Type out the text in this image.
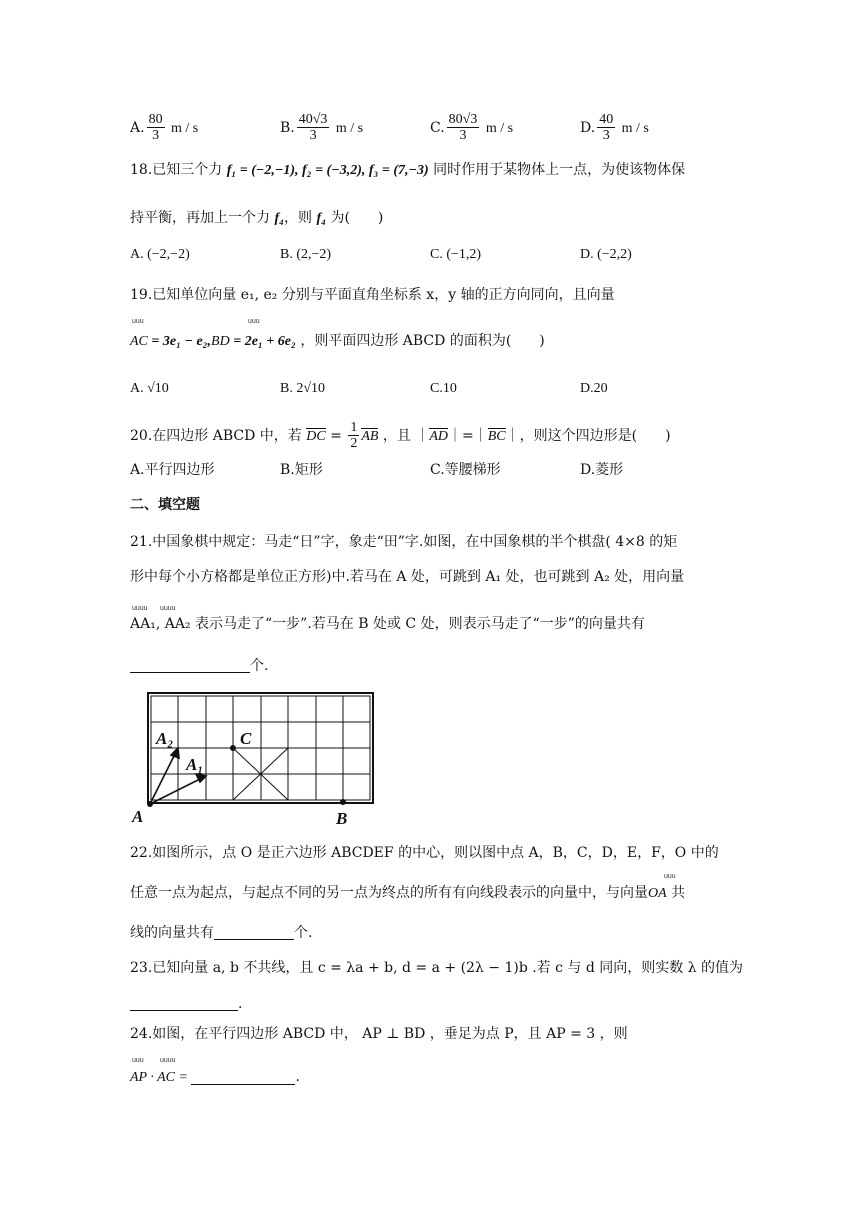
A. $\frac{80}{3}$ m / s	B. $\frac{40√3}{3}$ m / s	C. $\frac{80√3}{3}$ m / s	D. $\frac{40}{3}$ m / s
18.已知三个力 f₁ = (−2,−1), f₂ = (−3,2), f₃ = (7,−3) 同时作用于某物体上一点，为使该物体保
持平衡，再加上一个力 f₄，则 f₄ 为(　　)
A. (−2,−2)	B. (2,−2)	C. (−1,2)	D. (−2,2)
19.已知单位向量 e₁, e₂ 分别与平面直角坐标系 x，y 轴的正方向同向，且向量
uuu	uuu
AC = 3e₁ − e₂,BD = 2e₁ + 6e₂ ，则平面四边形 ABCD 的面积为(　　)
A. √10	B. 2√10	C.10	D.20
20.在四边形 ABCD 中，若 DC = $\frac{1}{2}$ AB ，且 ｜AD｜=｜BC｜，则这个四边形是(　　)
A.平行四边形	B.矩形	C.等腰梯形	D.菱形
二、填空题
21.中国象棋中规定：马走“日”字，象走“田”字.如图，在中国象棋的半个棋盘( 4×8 的矩
形中每个小方格都是单位正方形)中.若马在 A 处，可跳到 A₁ 处，也可跳到 A₂ 处，用向量
uuuu uuuu
AA₁, AA₂ 表示马走了“一步”.若马在 B 处或 C 处，则表示马走了“一步”的向量共有
个.
A	B
C
A₂
A₁
22.如图所示，点 O 是正六边形 ABCDEF 的中心，则以图中点 A，B，C，D，E，F，O 中的
uuu
任意一点为起点，与起点不同的另一点为终点的所有有向线段表示的向量中，与向量OA 共
线的向量共有	个.
23.已知向量 a, b 不共线，且 c = λa + b, d = a + (2λ − 1)b .若 c 与 d 同向，则实数 λ 的值为
.
24.如图，在平行四边形 ABCD 中， AP ⊥ BD ，垂足为点 P，且 AP = 3 ，则
uuu uuuu
AP · AC =	.
